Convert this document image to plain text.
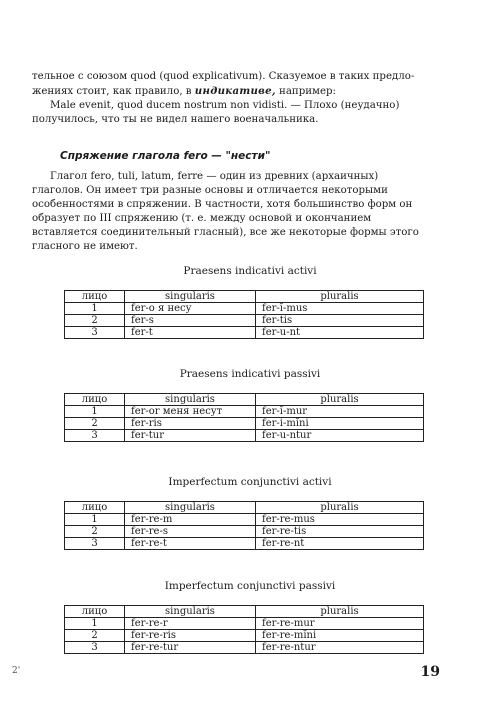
тельное с союзом quod (quod explicativum). Сказуемое в таких предло-
жениях стоит, как правило, в индикативе, например:
Male evenit, quod ducem nostrum non vidisti. — Плохо (неудачно)
получилось, что ты не видел нашего военачальника.
Спряжение глагола fero — "нести"
Глагол fero, tuli, latum, ferre — один из древних (архаичных)
глаголов. Он имеет три разные основы и отличается некоторыми
особенностями в спряжении. В частности, хотя большинство форм он
образует по III спряжению (т. е. между основой и окончанием
вставляется соединительный гласный), все же некоторые формы этого
гласного не имеют.
Praesens indicativi activi
лицо	singularis	pluralis
1	fer-o я несу	fer-ĭ-mus
2	fer-s	fer-tis
3	fer-t	fer-u-nt
Praesens indicativi passivi
лицо	singularis	pluralis
1	fer-or меня несут	fer-ĭ-mur
2	fer-ris	fer-i-mĭni
3	fer-tur	fer-u-ntur
Imperfectum conjunctivi activi
лицо	singularis	pluralis
1	fer-re-m	fer-re-mus
2	fer-re-s	fer-re-tis
3	fer-re-t	fer-re-nt
Imperfectum conjunctivi passivi
лицо	singularis	pluralis
1	fer-re-r	fer-re-mur
2	fer-re-ris	fer-re-mĭni
3	fer-re-tur	fer-re-ntur
2'	19
